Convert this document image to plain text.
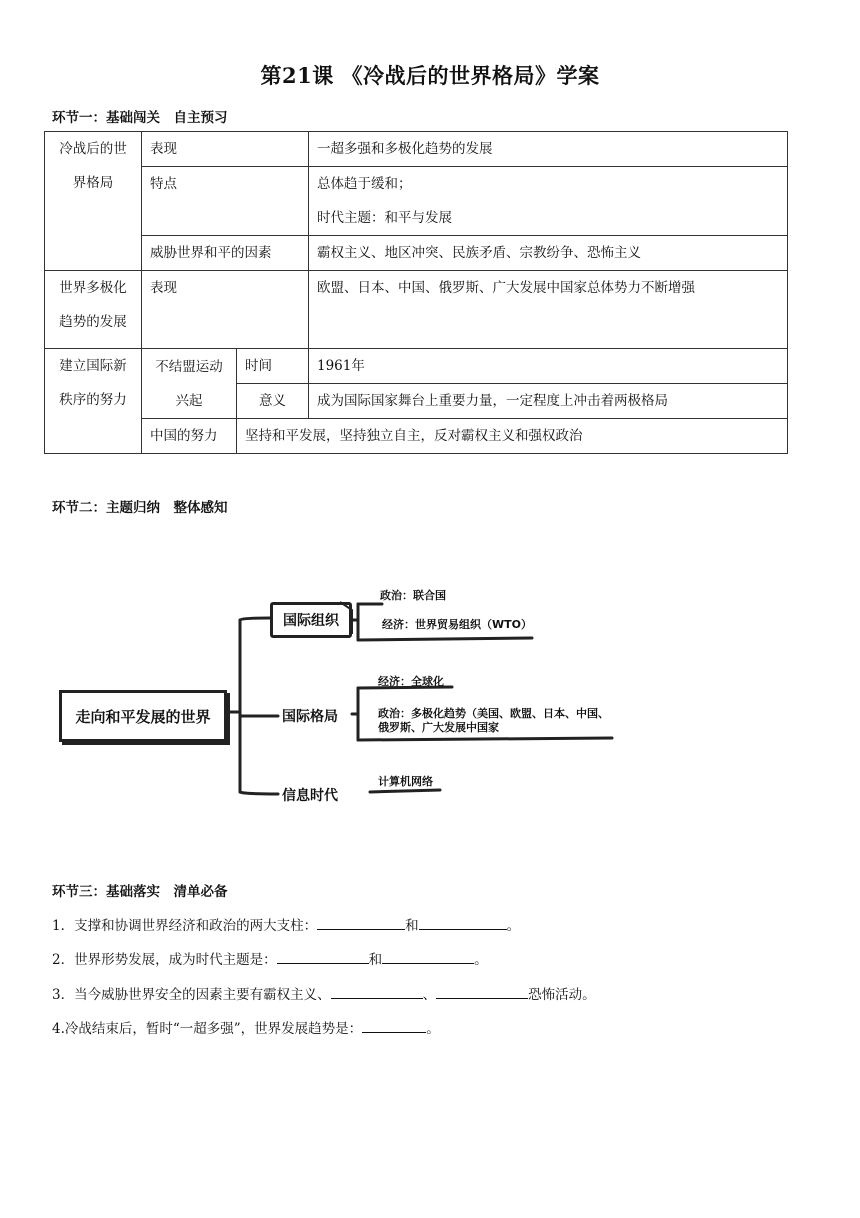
第21课 《冷战后的世界格局》学案
环节一：基础闯关　自主预习
冷战后的世界格局	表现		一超多强和多极化趋势的发展

	特点		总体趋于缓和；
时代主题：和平与发展

	威胁世界和平的因素		霸权主义、地区冲突、民族矛盾、宗教纷争、恐怖主义

世界多极化趋势的发展	表现		欧盟、日本、中国、俄罗斯、广大发展中国家总体势力不断增强

建立国际新秩序的努力	不结盟运动兴起	时间	1961年

		意义	成为国际国家舞台上重要力量，一定程度上冲击着两极格局

	中国的努力	坚持和平发展，坚持独立自主，反对霸权主义和强权政治	
环节二：主题归纳　整体感知
走向和平发展的世界
国际组织
政治：联合国
经济：世界贸易组织（WTO）
国际格局
经济：全球化
政治：多极化趋势（美国、欧盟、日本、中国、
俄罗斯、广大发展中国家
信息时代
计算机网络
环节三：基础落实　清单必备
1．支撑和协调世界经济和政治的两大支柱：	和	。
2．世界形势发展，成为时代主题是：	和	。
3．当今威胁世界安全的因素主要有霸权主义、	、	恐怖活动。
4.冷战结束后，暂时“一超多强”，世界发展趋势是：	。
